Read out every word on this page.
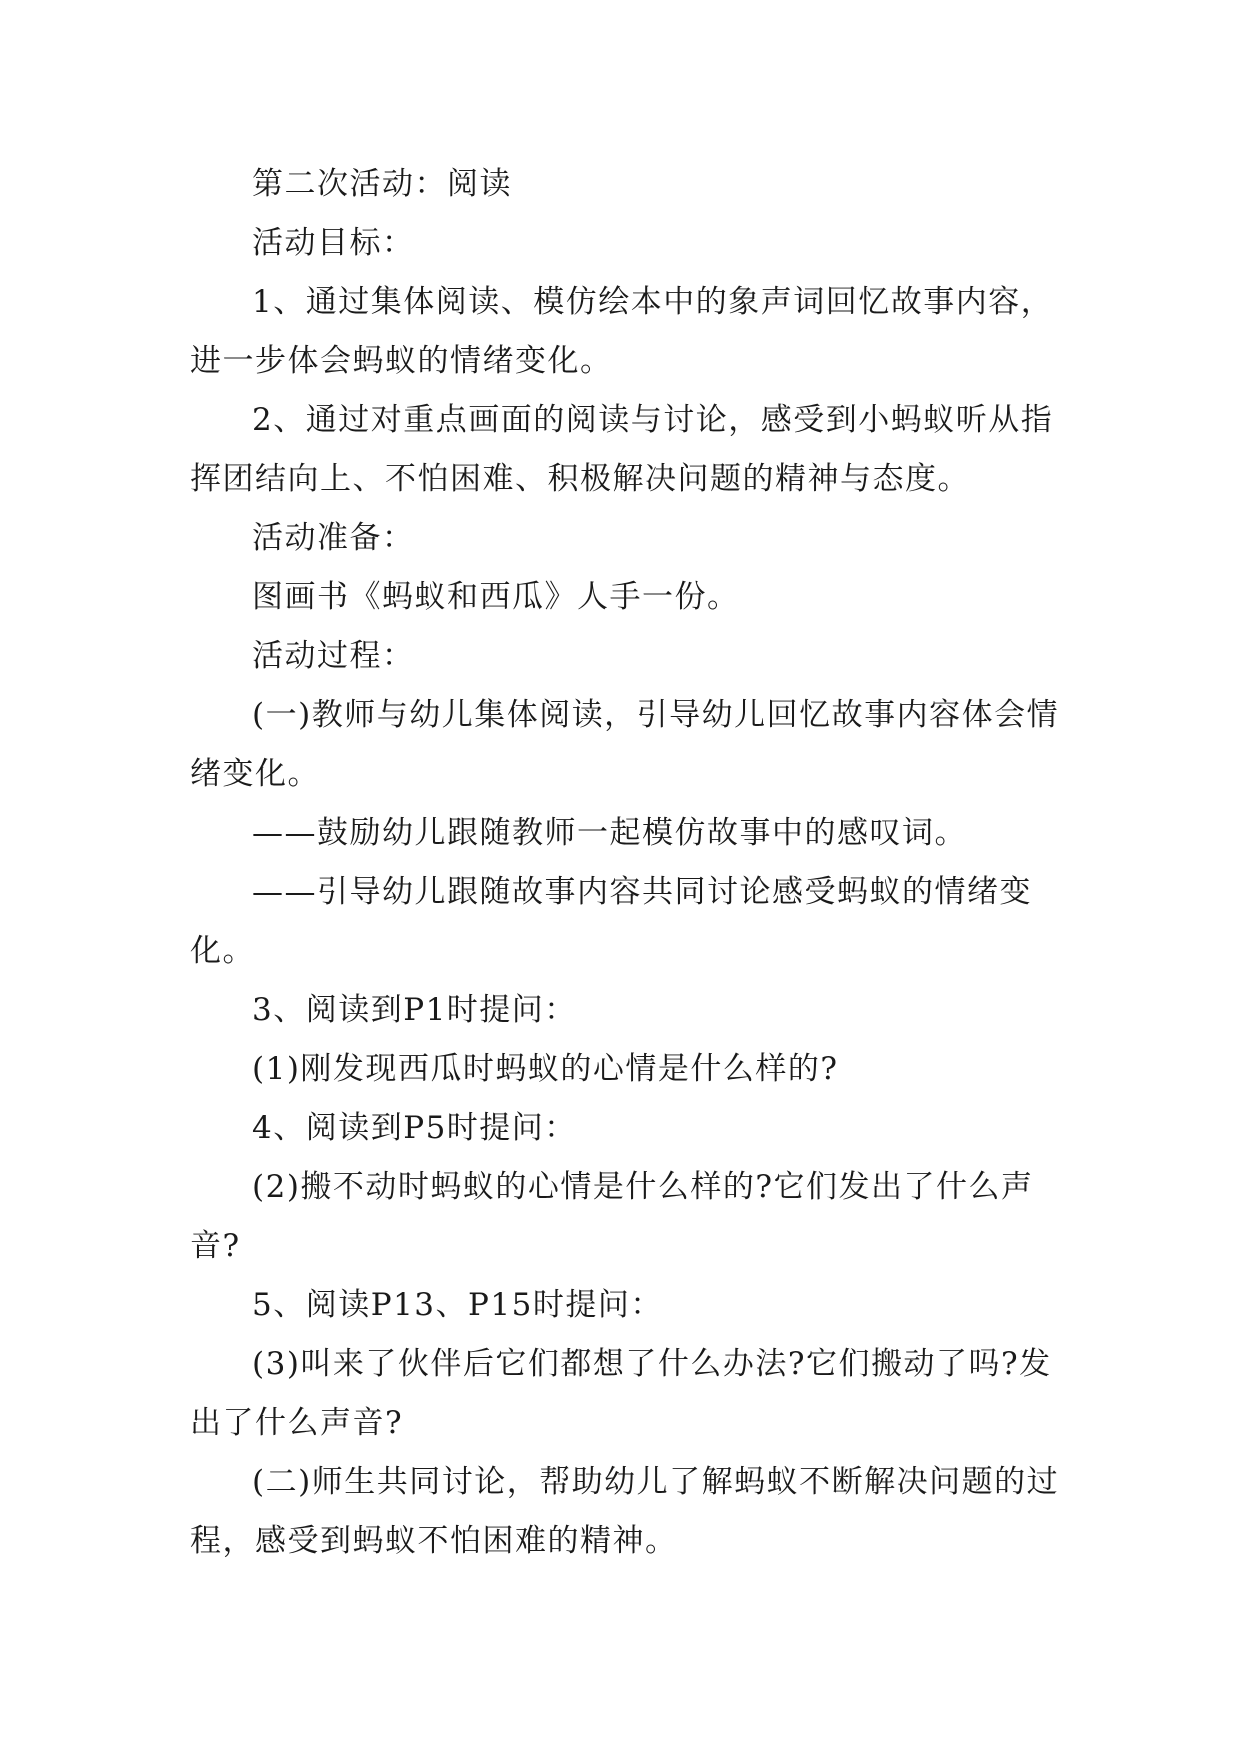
第二次活动：阅读

活动目标：

1、通过集体阅读、模仿绘本中的象声词回忆故事内容，进一步体会蚂蚁的情绪变化。

2、通过对重点画面的阅读与讨论，感受到小蚂蚁听从指挥团结向上、不怕困难、积极解决问题的精神与态度。

活动准备：

图画书《蚂蚁和西瓜》人手一份。

活动过程：

(一)教师与幼儿集体阅读，引导幼儿回忆故事内容体会情绪变化。

——鼓励幼儿跟随教师一起模仿故事中的感叹词。

——引导幼儿跟随故事内容共同讨论感受蚂蚁的情绪变化。

3、阅读到P1时提问：

(1)刚发现西瓜时蚂蚁的心情是什么样的?

4、阅读到P5时提问：

(2)搬不动时蚂蚁的心情是什么样的?它们发出了什么声音?

5、阅读P13、P15时提问：

(3)叫来了伙伴后它们都想了什么办法?它们搬动了吗?发出了什么声音?

(二)师生共同讨论，帮助幼儿了解蚂蚁不断解决问题的过程，感受到蚂蚁不怕困难的精神。
